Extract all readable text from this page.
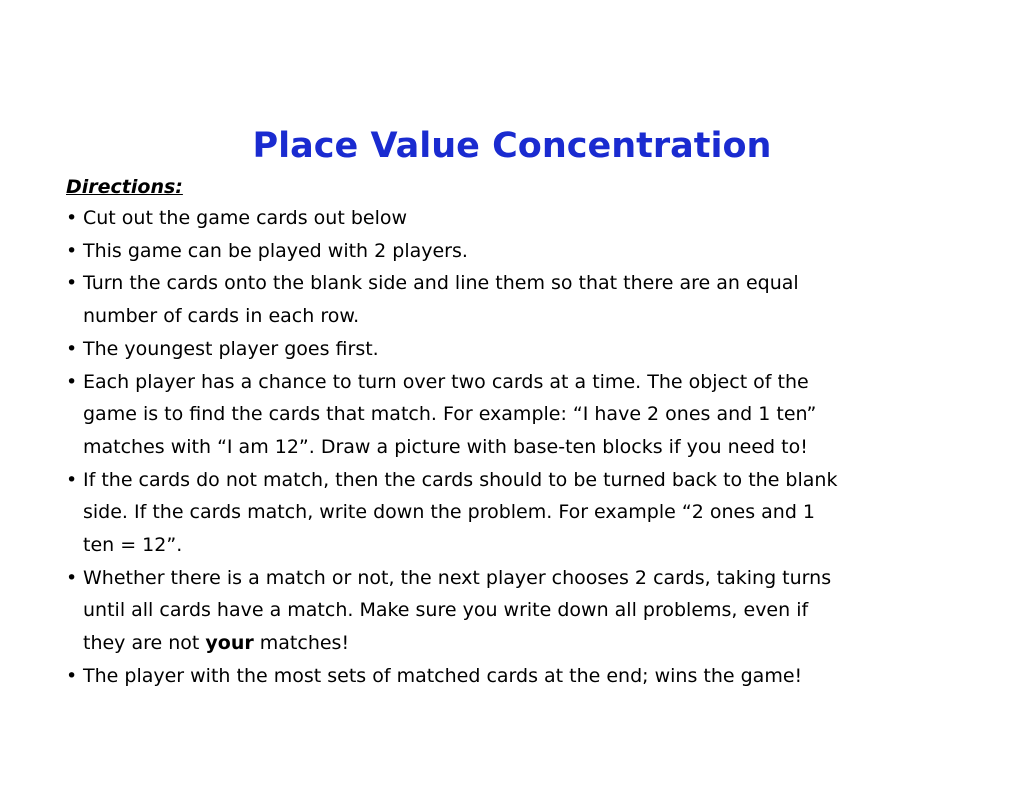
Place Value Concentration
Directions:
• Cut out the game cards out below
• This game can be played with 2 players.
• Turn the cards onto the blank side and line them so that there are an equal
number of cards in each row.
• The youngest player goes first.
• Each player has a chance to turn over two cards at a time. The object of the
game is to find the cards that match. For example: “I have 2 ones and 1 ten”
matches with “I am 12”. Draw a picture with base-ten blocks if you need to!
• If the cards do not match, then the cards should to be turned back to the blank
side. If the cards match, write down the problem. For example “2 ones and 1
ten = 12”.
• Whether there is a match or not, the next player chooses 2 cards, taking turns
until all cards have a match. Make sure you write down all problems, even if
they are not your matches!
• The player with the most sets of matched cards at the end; wins the game!
